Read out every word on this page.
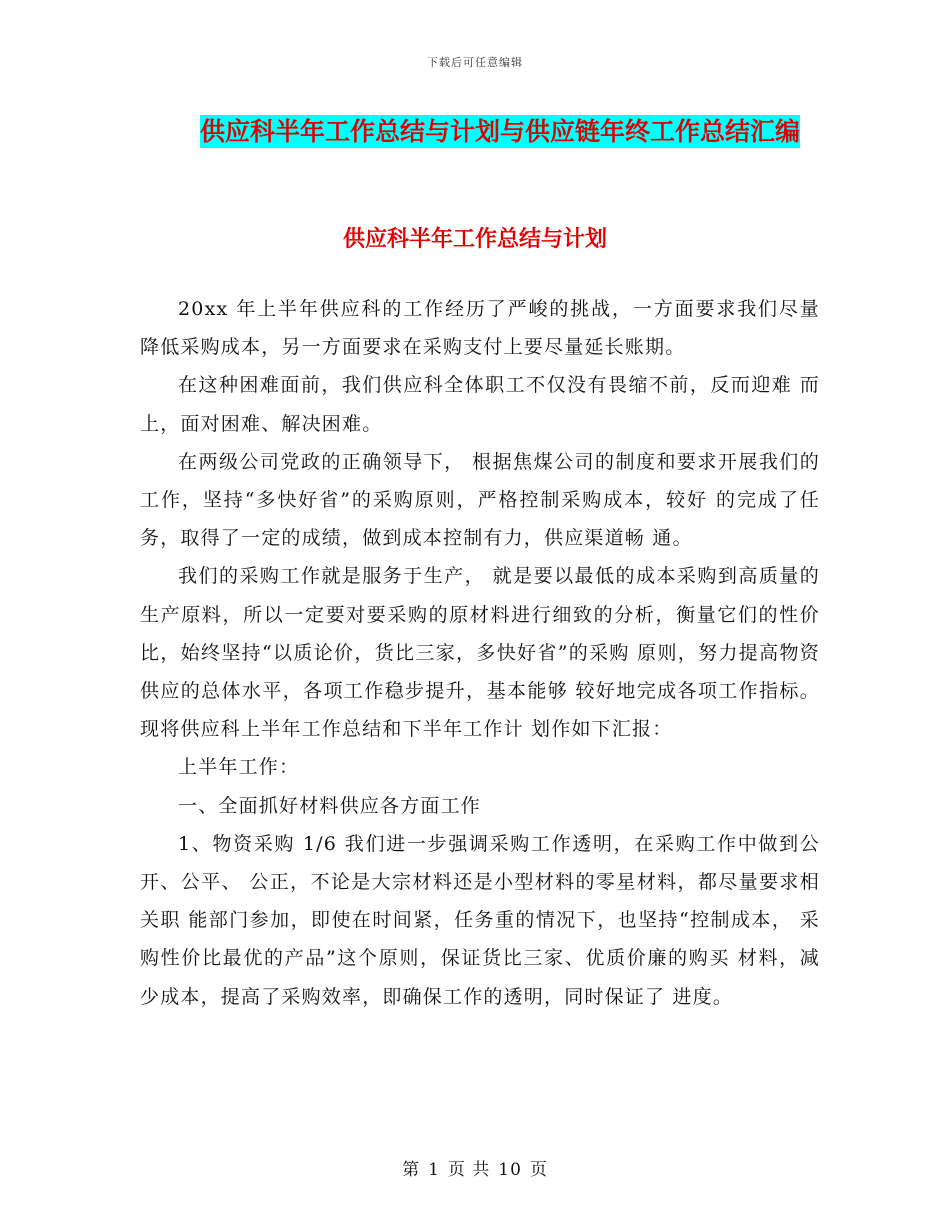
下载后可任意编辑
供应科半年工作总结与计划与供应链年终工作总结汇编
供应科半年工作总结与计划

20xx 年上半年供应科的工作经历了严峻的挑战，一方面要求我们尽量降低采购成本，另一方面要求在采购支付上要尽量延长账期。

在这种困难面前，我们供应科全体职工不仅没有畏缩不前，反而迎难 而上，面对困难、解决困难。

在两级公司党政的正确领导下， 根据焦煤公司的制度和要求开展我们的工作，坚持“多快好省”的采购原则，严格控制采购成本，较好 的完成了任务，取得了一定的成绩，做到成本控制有力，供应渠道畅 通。

我们的采购工作就是服务于生产， 就是要以最低的成本采购到高质量的生产原料，所以一定要对要采购的原材料进行细致的分析，衡量它们的性价比，始终坚持“以质论价，货比三家，多快好省”的采购 原则，努力提高物资供应的总体水平，各项工作稳步提升，基本能够 较好地完成各项工作指标。现将供应科上半年工作总结和下半年工作计 划作如下汇报：

上半年工作：

一、全面抓好材料供应各方面工作

1、物资采购 1/6 我们进一步强调采购工作透明，在采购工作中做到公开、公平、 公正，不论是大宗材料还是小型材料的零星材料，都尽量要求相关职 能部门参加，即使在时间紧，任务重的情况下，也坚持“控制成本， 采购性价比最优的产品”这个原则，保证货比三家、优质价廉的购买 材料，减少成本，提高了采购效率，即确保工作的透明，同时保证了 进度。

第 1 页 共 10 页
